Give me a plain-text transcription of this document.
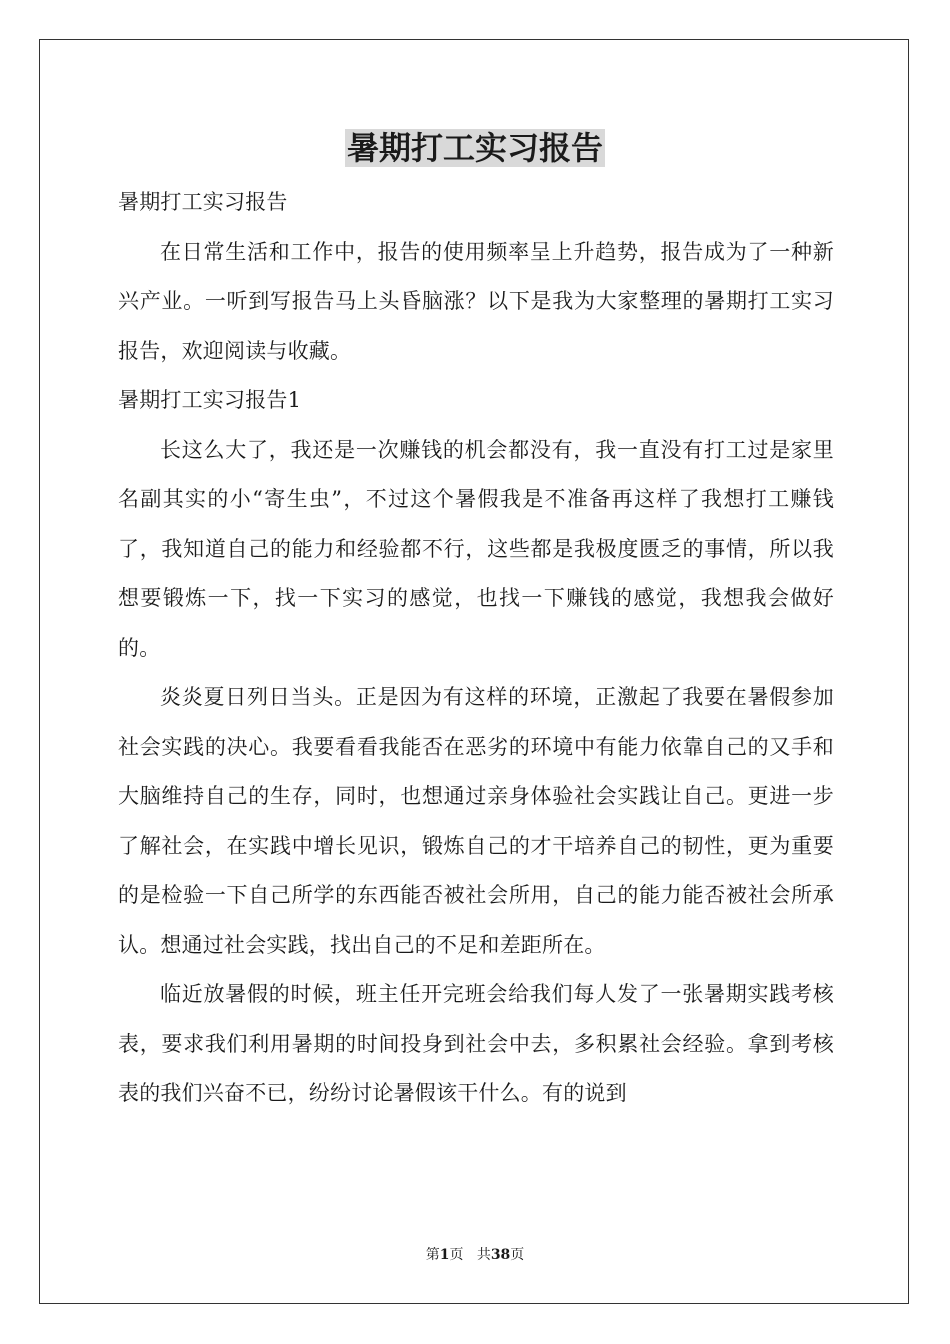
暑期打工实习报告

暑期打工实习报告

在日常生活和工作中，报告的使用频率呈上升趋势，报告成为了一种新兴产业。一听到写报告马上头昏脑涨？以下是我为大家整理的暑期打工实习报告，欢迎阅读与收藏。

暑期打工实习报告1

长这么大了，我还是一次赚钱的机会都没有，我一直没有打工过是家里名副其实的小“寄生虫”，不过这个暑假我是不准备再这样了我想打工赚钱了，我知道自己的能力和经验都不行，这些都是我极度匮乏的事情，所以我想要锻炼一下，找一下实习的感觉，也找一下赚钱的感觉，我想我会做好的。

炎炎夏日列日当头。正是因为有这样的环境，正激起了我要在暑假参加社会实践的决心。我要看看我能否在恶劣的环境中有能力依靠自己的又手和大脑维持自己的生存，同时，也想通过亲身体验社会实践让自己。更进一步了解社会，在实践中增长见识，锻炼自己的才干培养自己的韧性，更为重要的是检验一下自己所学的东西能否被社会所用，自己的能力能否被社会所承认。想通过社会实践，找出自己的不足和差距所在。

临近放暑假的时候，班主任开完班会给我们每人发了一张暑期实践考核表，要求我们利用暑期的时间投身到社会中去，多积累社会经验。拿到考核表的我们兴奋不已，纷纷讨论暑假该干什么。有的说到

第1页 共38页
